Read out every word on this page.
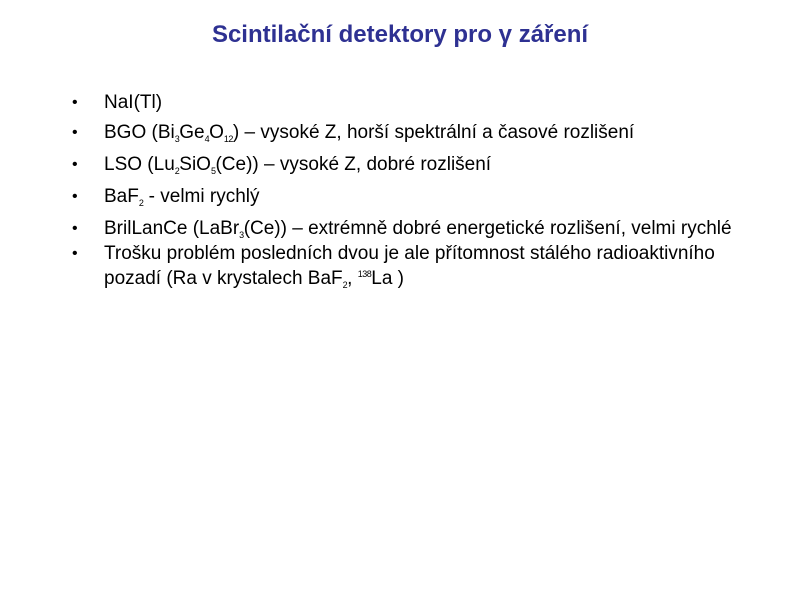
Scintilační detektory pro γ záření
• NaI(Tl)
• BGO $(Bi_3Ge_4O_{12})$ – vysoké Z, horší spektrální a časové rozlišení
• LSO $(Lu_2SiO_5(Ce))$ – vysoké Z, dobré rozlišení
• BaF$_2$ - velmi rychlý
• BrilLanCe (LaBr$_3$(Ce)) – extrémně dobré energetické rozlišení, velmi rychlé
• Trošku problém posledních dvou je ale přítomnost stálého radioaktivního pozadí (Ra v krystalech BaF$_2$, $^{138}$La )
